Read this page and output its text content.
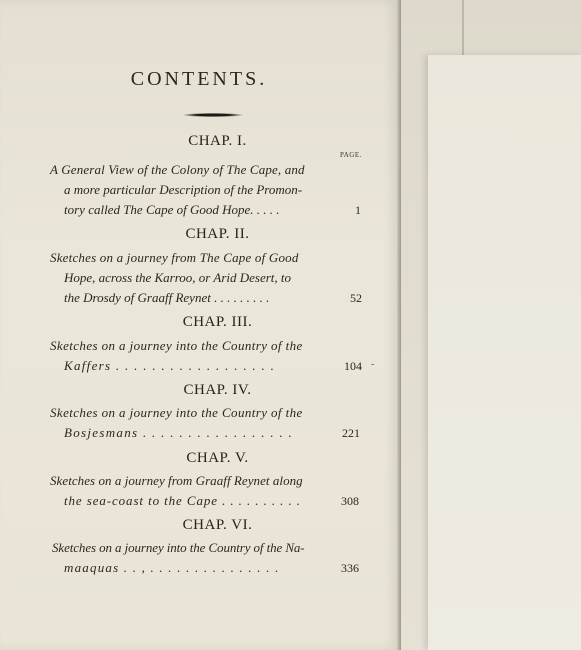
CONTENTS.
PAGE.
CHAP. I.
A General View of the Colony of The Cape, and
a more particular Description of the Promon-
tory called The Cape of Good Hope. . . . .	1
CHAP. II.
Sketches on a journey from The Cape of Good
Hope, across the Karroo, or Arid Desert, to
the Drosdy of Graaff Reynet . . . . . . . . .	52
CHAP. III.
Sketches on a journey into the Country of the
Kaffers . . . . . . . . . . . . . . . . . .	104 -
CHAP. IV.
Sketches on a journey into the Country of the
Bosjesmans . . . . . . . . . . . . . . . . .	221
CHAP. V.
Sketches on a journey from Graaff Reynet along
the sea-coast to the Cape . . . . . . . . . .	308
CHAP. VI.
Sketches on a journey into the Country of the Na-
maaquas . . , . . . . . . . . . . . . . . .	336
